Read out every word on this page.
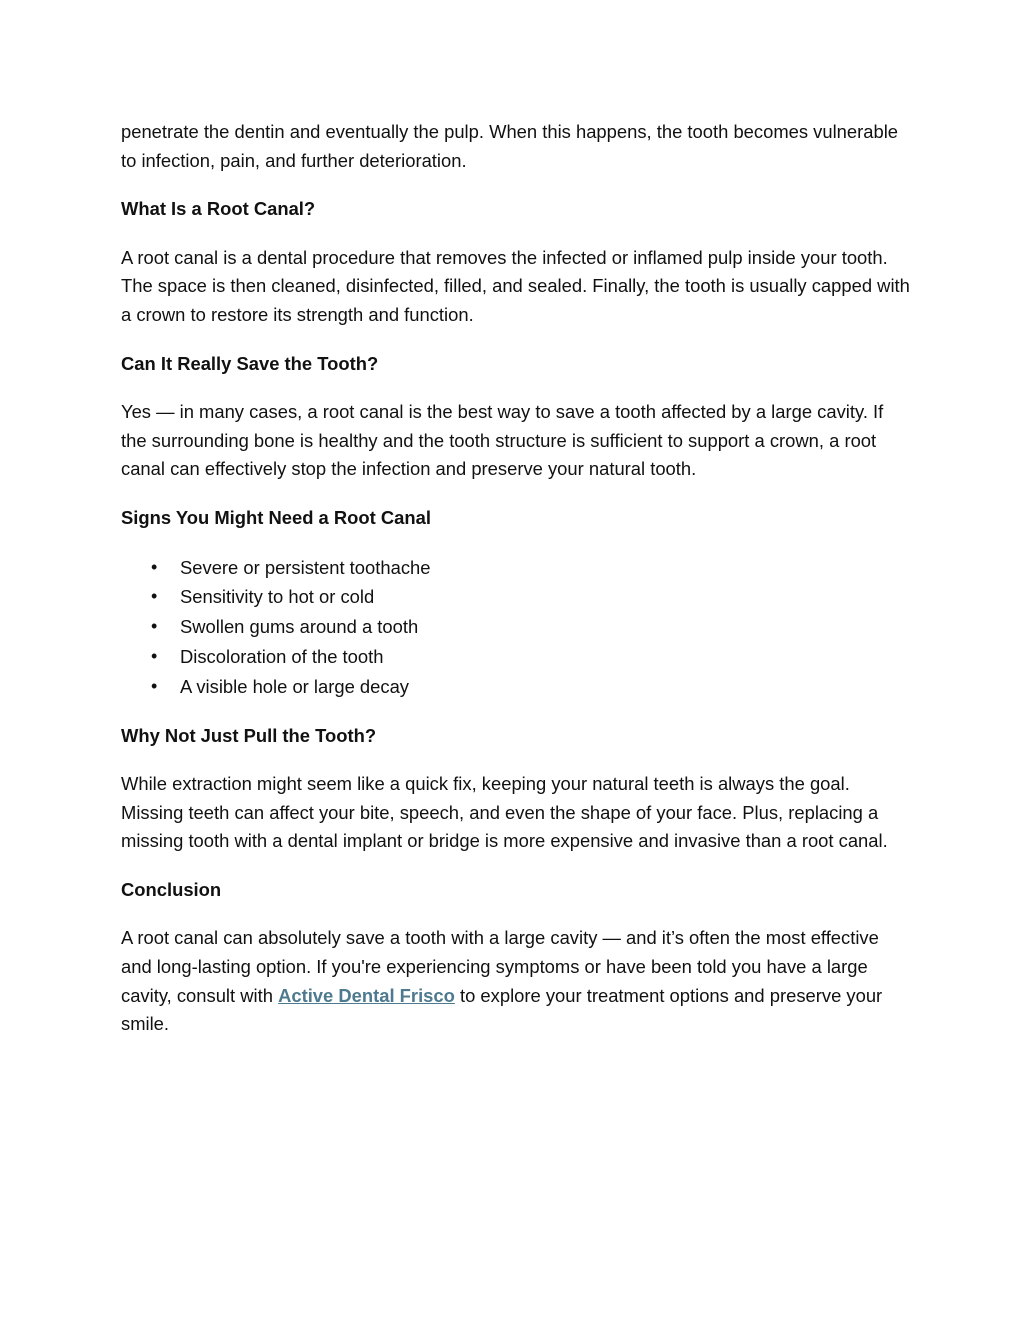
penetrate the dentin and eventually the pulp. When this happens, the tooth becomes vulnerable to infection, pain, and further deterioration.

What Is a Root Canal?

A root canal is a dental procedure that removes the infected or inflamed pulp inside your tooth. The space is then cleaned, disinfected, filled, and sealed. Finally, the tooth is usually capped with a crown to restore its strength and function.

Can It Really Save the Tooth?

Yes — in many cases, a root canal is the best way to save a tooth affected by a large cavity. If the surrounding bone is healthy and the tooth structure is sufficient to support a crown, a root canal can effectively stop the infection and preserve your natural tooth.

Signs You Might Need a Root Canal

• Severe or persistent toothache
• Sensitivity to hot or cold
• Swollen gums around a tooth
• Discoloration of the tooth
• A visible hole or large decay

Why Not Just Pull the Tooth?

While extraction might seem like a quick fix, keeping your natural teeth is always the goal. Missing teeth can affect your bite, speech, and even the shape of your face. Plus, replacing a missing tooth with a dental implant or bridge is more expensive and invasive than a root canal.

Conclusion

A root canal can absolutely save a tooth with a large cavity — and it’s often the most effective and long-lasting option. If you're experiencing symptoms or have been told you have a large cavity, consult with Active Dental Frisco to explore your treatment options and preserve your smile.
